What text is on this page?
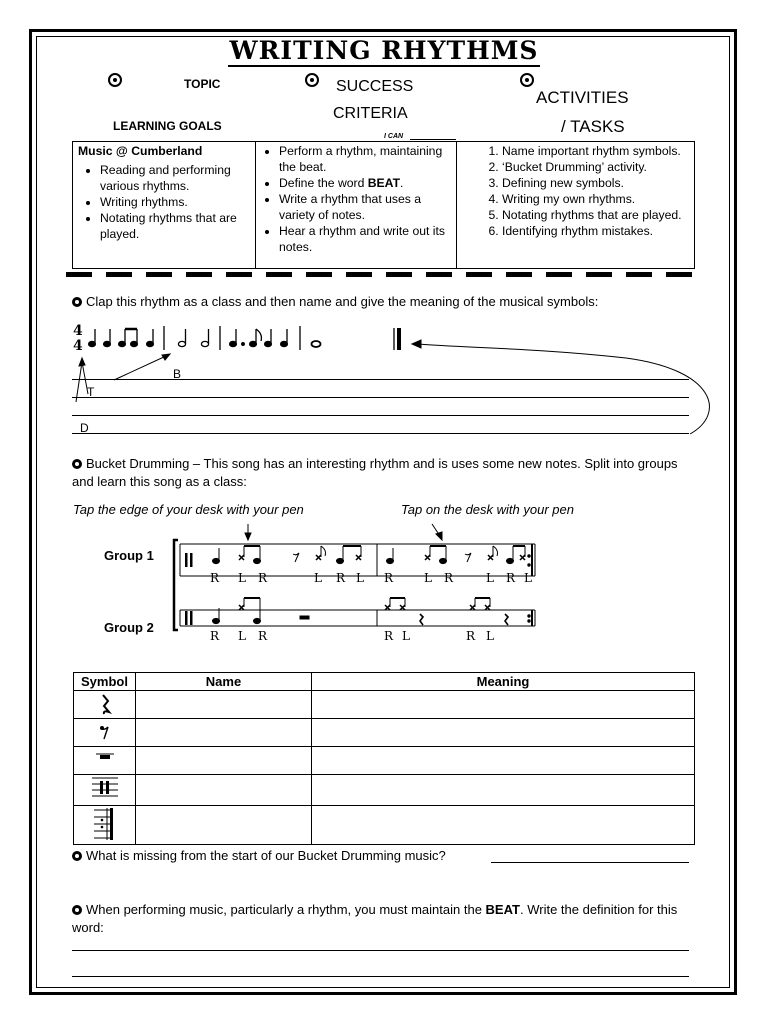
WRITING RHYTHMS
TOPIC
LEARNING GOALS
SUCCESS
CRITERIA
I CAN
ACTIVITIES
/ TASKS
Music @ Cumberland
• Reading and performing various rhythms.
• Writing rhythms.
• Notating rhythms that are played.

• Perform a rhythm, maintaining the beat.
• Define the word BEAT.
• Write a rhythm that uses a variety of notes.
• Hear a rhythm and write out its notes.

1. Name important rhythm symbols.
2. ‘Bucket Drumming’ activity.
3. Defining new symbols.
4. Writing my own rhythms.
5. Notating rhythms that are played.
6. Identifying rhythm mistakes.
Clap this rhythm as a class and then name and give the meaning of the musical symbols:
4
4
B
T
D
Bucket Drumming – This song has an interesting rhythm and is uses some new notes. Split into groups and learn this song as a class:
Tap the edge of your desk with your pen	Tap on the desk with your pen
Group 1
Group 2
R L R	L R L R	L R	L R L
R L R	R L	R L
Symbol	Name	Meaning

What is missing from the start of our Bucket Drumming music?
When performing music, particularly a rhythm, you must maintain the BEAT. Write the definition for this word:
